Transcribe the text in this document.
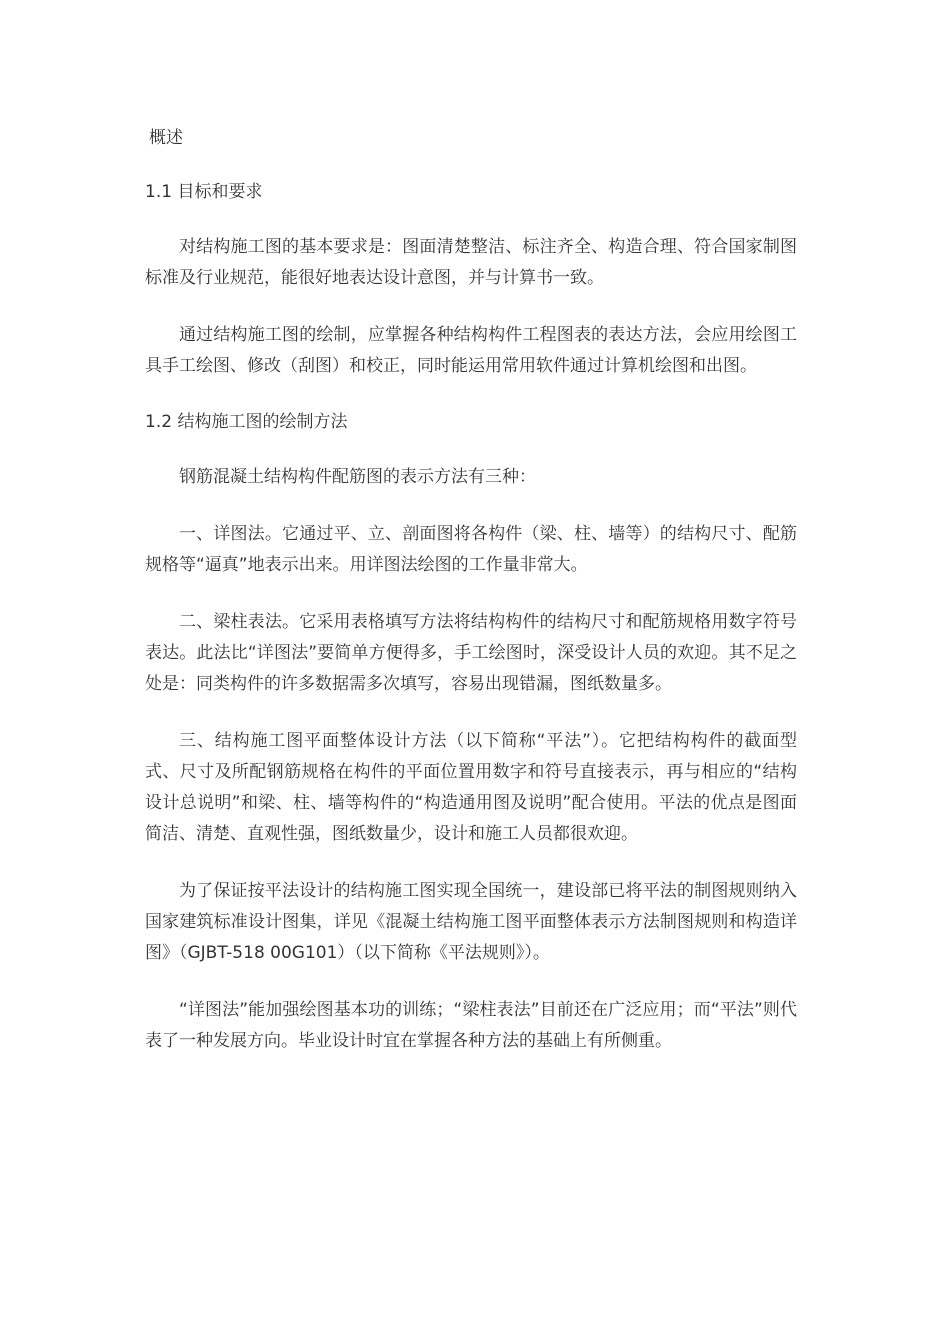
概述
1.1 目标和要求

对结构施工图的基本要求是：图面清楚整洁、标注齐全、构造合理、符合国家制图标准及行业规范，能很好地表达设计意图，并与计算书一致。

通过结构施工图的绘制，应掌握各种结构构件工程图表的表达方法，会应用绘图工具手工绘图、修改（刮图）和校正，同时能运用常用软件通过计算机绘图和出图。

1.2 结构施工图的绘制方法

钢筋混凝土结构构件配筋图的表示方法有三种：

一、详图法。它通过平、立、剖面图将各构件（梁、柱、墙等）的结构尺寸、配筋规格等“逼真”地表示出来。用详图法绘图的工作量非常大。

二、梁柱表法。它采用表格填写方法将结构构件的结构尺寸和配筋规格用数字符号表达。此法比“详图法”要简单方便得多，手工绘图时，深受设计人员的欢迎。其不足之处是：同类构件的许多数据需多次填写，容易出现错漏，图纸数量多。

三、结构施工图平面整体设计方法（以下简称“平法”）。它把结构构件的截面型式、尺寸及所配钢筋规格在构件的平面位置用数字和符号直接表示，再与相应的“结构设计总说明”和梁、柱、墙等构件的“构造通用图及说明”配合使用。平法的优点是图面简洁、清楚、直观性强，图纸数量少，设计和施工人员都很欢迎。

为了保证按平法设计的结构施工图实现全国统一，建设部已将平法的制图规则纳入国家建筑标准设计图集，详见《混凝土结构施工图平面整体表示方法制图规则和构造详图》（GJBT-518 00G101）（以下简称《平法规则》）。

“详图法”能加强绘图基本功的训练；“梁柱表法”目前还在广泛应用；而“平法”则代表了一种发展方向。毕业设计时宜在掌握各种方法的基础上有所侧重。
